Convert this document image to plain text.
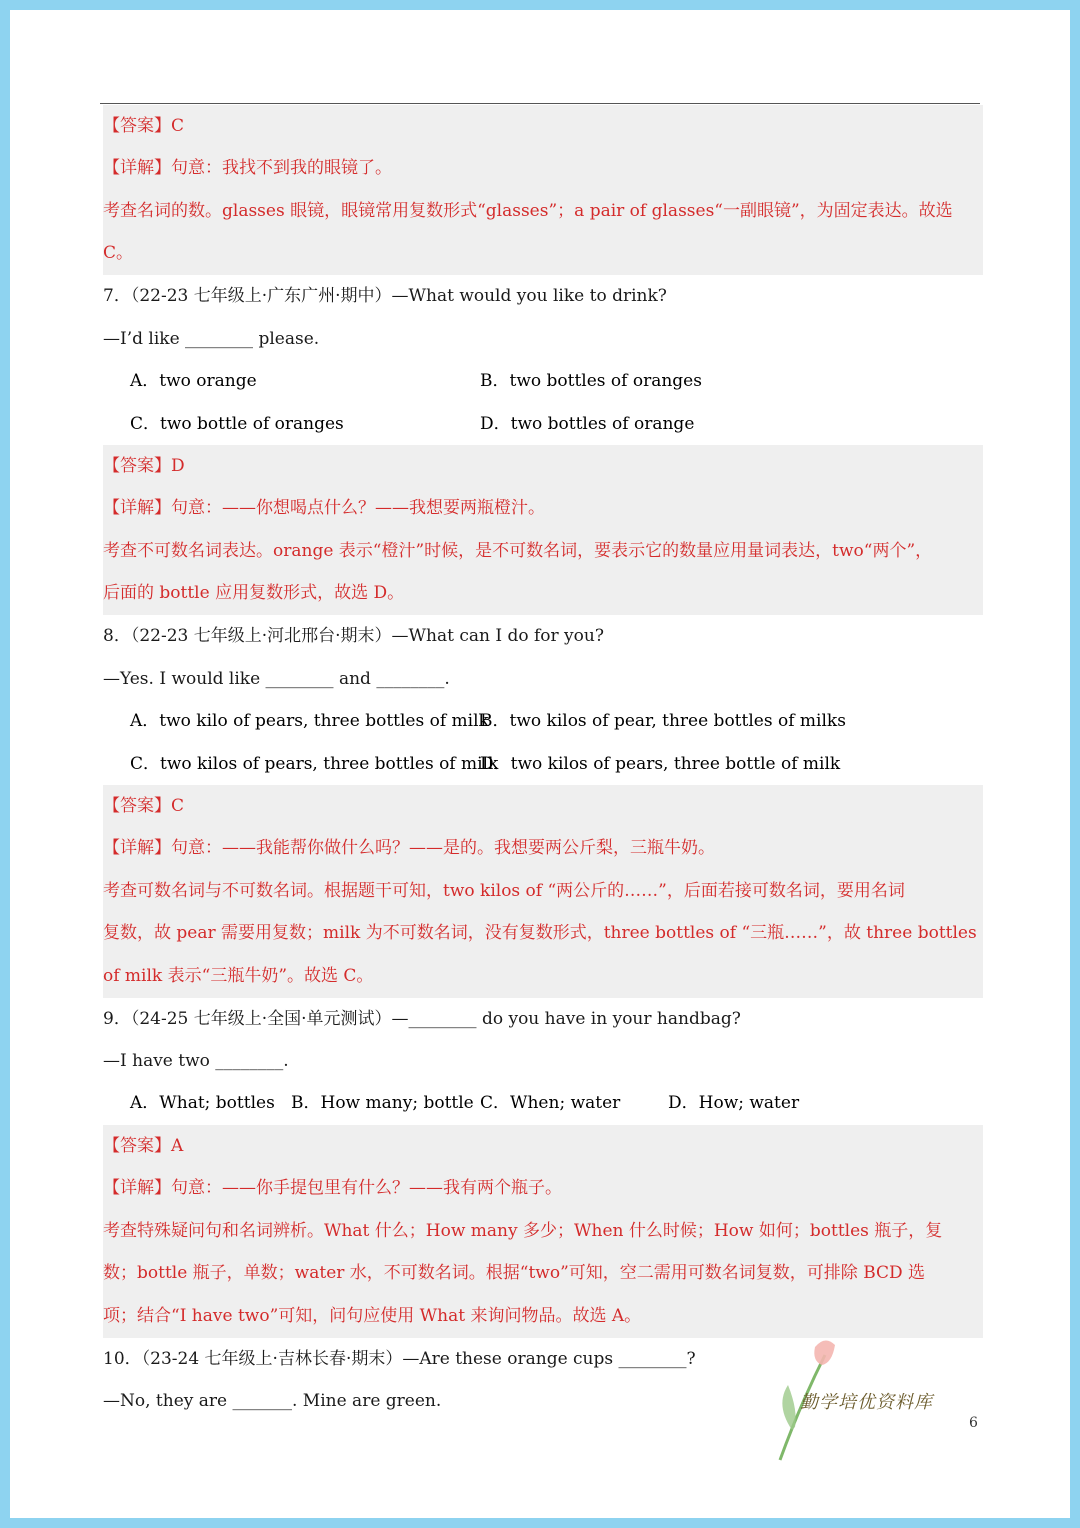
【答案】C
【详解】句意：我找不到我的眼镜了。
考查名词的数。glasses 眼镜，眼镜常用复数形式“glasses”；a pair of glasses“一副眼镜”，为固定表达。故选
C。
7．（22-23 七年级上·广东广州·期中）—What would you like to drink?
—I’d like ________ please.
A．two orange	B．two bottles of oranges
C．two bottle of oranges	D．two bottles of orange
【答案】D
【详解】句意：——你想喝点什么？——我想要两瓶橙汁。
考查不可数名词表达。orange 表示“橙汁”时候，是不可数名词，要表示它的数量应用量词表达，two“两个”，
后面的 bottle 应用复数形式，故选 D。
8．（22-23 七年级上·河北邢台·期末）—What can I do for you?
—Yes. I would like ________ and ________.
A．two kilo of pears, three bottles of milk
B．two kilos of pear, three bottles of milks
C．two kilos of pears, three bottles of milk
D．two kilos of pears, three bottle of milk
【答案】C
【详解】句意：——我能帮你做什么吗？——是的。我想要两公斤梨，三瓶牛奶。
考查可数名词与不可数名词。根据题干可知，two kilos of “两公斤的……”，后面若接可数名词，要用名词
复数，故 pear 需要用复数；milk 为不可数名词，没有复数形式，three bottles of “三瓶……”，故 three bottles
of milk 表示“三瓶牛奶”。故选 C。
9．（24-25 七年级上·全国·单元测试）—________ do you have in your handbag?
—I have two ________.
A．What; bottles B．How many; bottle C．When; water	D．How; water
【答案】A
【详解】句意：——你手提包里有什么？——我有两个瓶子。
考查特殊疑问句和名词辨析。What 什么；How many 多少；When 什么时候；How 如何；bottles 瓶子，复
数；bottle 瓶子，单数；water 水，不可数名词。根据“two”可知，空二需用可数名词复数，可排除 BCD 选
项；结合“I have two”可知，问句应使用 What 来询问物品。故选 A。
10．（23-24 七年级上·吉林长春·期末）—Are these orange cups ________?
—No, they are _______. Mine are green.	勤学培优资料库
6
